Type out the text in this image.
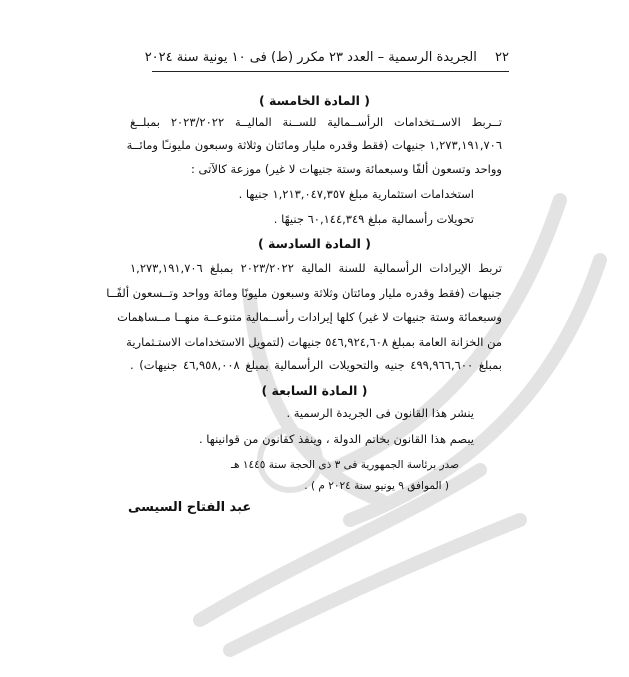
٢٢ الجريدة الرسمية – العدد ٢٣ مكرر (ط) فى ١٠ يونية سنة ٢٠٢٤
( المادة الخامسة )
تــربط الاســتخدامات الرأســمالية للســنة الماليــة ٢٠٢٣/٢٠٢٢ بمبلــغ
١,٢٧٣,١٩١,٧٠٦ جنيهات (فقط وقدره مليار ومائتان وثلاثة وسبعون مليونـًا ومائــة
وواحد وتسعون ألفًا وسبعمائة وستة جنيهات لا غير) موزعة كالآتى :
استخدامات استثمارية مبلغ ١,٢١٣,٠٤٧,٣٥٧ جنيها .
تحويلات رأسمالية مبلغ ٦٠,١٤٤,٣٤٩ جنيهًا .
( المادة السادسة )
تربط الإيرادات الرأسمالية للسنة المالية ٢٠٢٣/٢٠٢٢ بمبلغ ١,٢٧٣,١٩١,٧٠٦
جنيهات (فقط وقدره مليار ومائتان وثلاثة وسبعون مليونًا ومائة وواحد وتــسعون ألفًــا
وسبعمائة وستة جنيهات لا غير) كلها إيرادات رأســمالية متنوعــة منهــا مــساهمات
من الخزانة العامة بمبلغ ٥٤٦,٩٢٤,٦٠٨ جنيهات (لتمويل الاستخدامات الاستـثمارية
بمبلغ ٤٩٩,٩٦٦,٦٠٠ جنيه والتحويلات الرأسمالية بمبلغ ٤٦,٩٥٨,٠٠٨ جنيهات) .
( المادة السابعة )
ينشر هذا القانون فى الجريدة الرسمية .
يبصم هذا القانون بخاتم الدولة ، وينفذ كقانون من قوانينها .
صدر برئاسة الجمهورية فى ٣ ذى الحجة سنة ١٤٤٥ هـ
( الموافق ٩ يونيو سنة ٢٠٢٤ م ) .
عبد الفتاح السيسى
